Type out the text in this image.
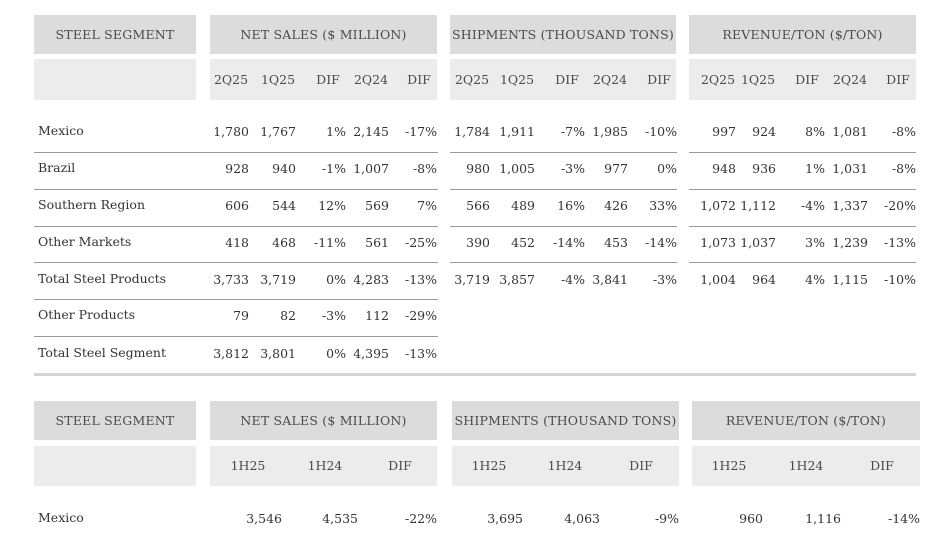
STEEL SEGMENT	NET SALES ($ MILLION)	SHIPMENTS (THOUSAND TONS)	REVENUE/TON ($/TON)
2Q25	1Q25	DIF	2Q24	DIF	2Q25 1Q25	DIF	2Q24	DIF	2Q25 1Q25	DIF	2Q24	DIF
Mexico	1,780 1,767	1% 2,145	-17%	1,784 1,911	-7% 1,985	-10%	997	924	8% 1,081	-8%
Brazil	928	940	-1% 1,007	-8%	980 1,005	-3%	977	0%	948	936	1% 1,031	-8%
Southern Region	606	544	12%	569	7%	566	489	16%	426	33%	1,072 1,112	-4% 1,337	-20%
Other Markets	418	468	-11%	561	-25%	390	452	-14%	453	-14%	1,073 1,037	3% 1,239	-13%
Total Steel Products	3,733 3,719	0% 4,283	-13%	3,719 3,857	-4% 3,841	-3%	1,004	964	4% 1,115	-10%
Other Products	79	82	-3%	112	-29%
Total Steel Segment	3,812 3,801	0% 4,395	-13%
STEEL SEGMENT	NET SALES ($ MILLION)	SHIPMENTS (THOUSAND TONS)	REVENUE/TON ($/TON)
1H25	1H24	DIF	1H25	1H24	DIF	1H25	1H24	DIF
Mexico	3,546	4,535	-22%	3,695	4,063	-9%	960	1,116	-14%
